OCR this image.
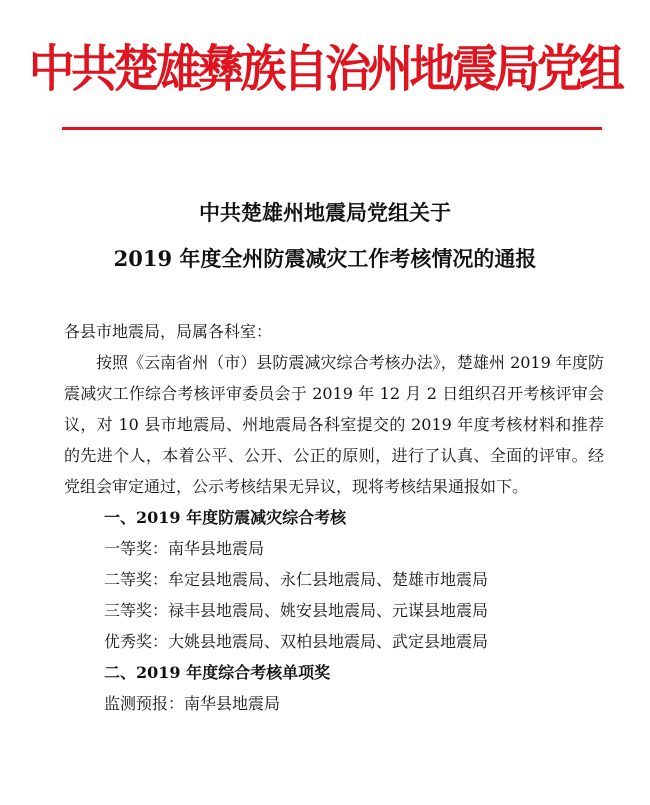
中共楚雄彝族自治州地震局党组
中共楚雄州地震局党组关于
2019 年度全州防震减灾工作考核情况的通报

各县市地震局，局属各科室：

按照《云南省州（市）县防震减灾综合考核办法》，楚雄州 2019 年度防震减灾工作综合考核评审委员会于 2019 年 12 月 2 日组织召开考核评审会议，对 10 县市地震局、州地震局各科室提交的 2019 年度考核材料和推荐的先进个人，本着公平、公开、公正的原则，进行了认真、全面的评审。经党组会审定通过，公示考核结果无异议，现将考核结果通报如下。

一、2019 年度防震减灾综合考核

一等奖：南华县地震局

二等奖：牟定县地震局、永仁县地震局、楚雄市地震局

三等奖：禄丰县地震局、姚安县地震局、元谋县地震局

优秀奖：大姚县地震局、双柏县地震局、武定县地震局

二、2019 年度综合考核单项奖

监测预报：南华县地震局
